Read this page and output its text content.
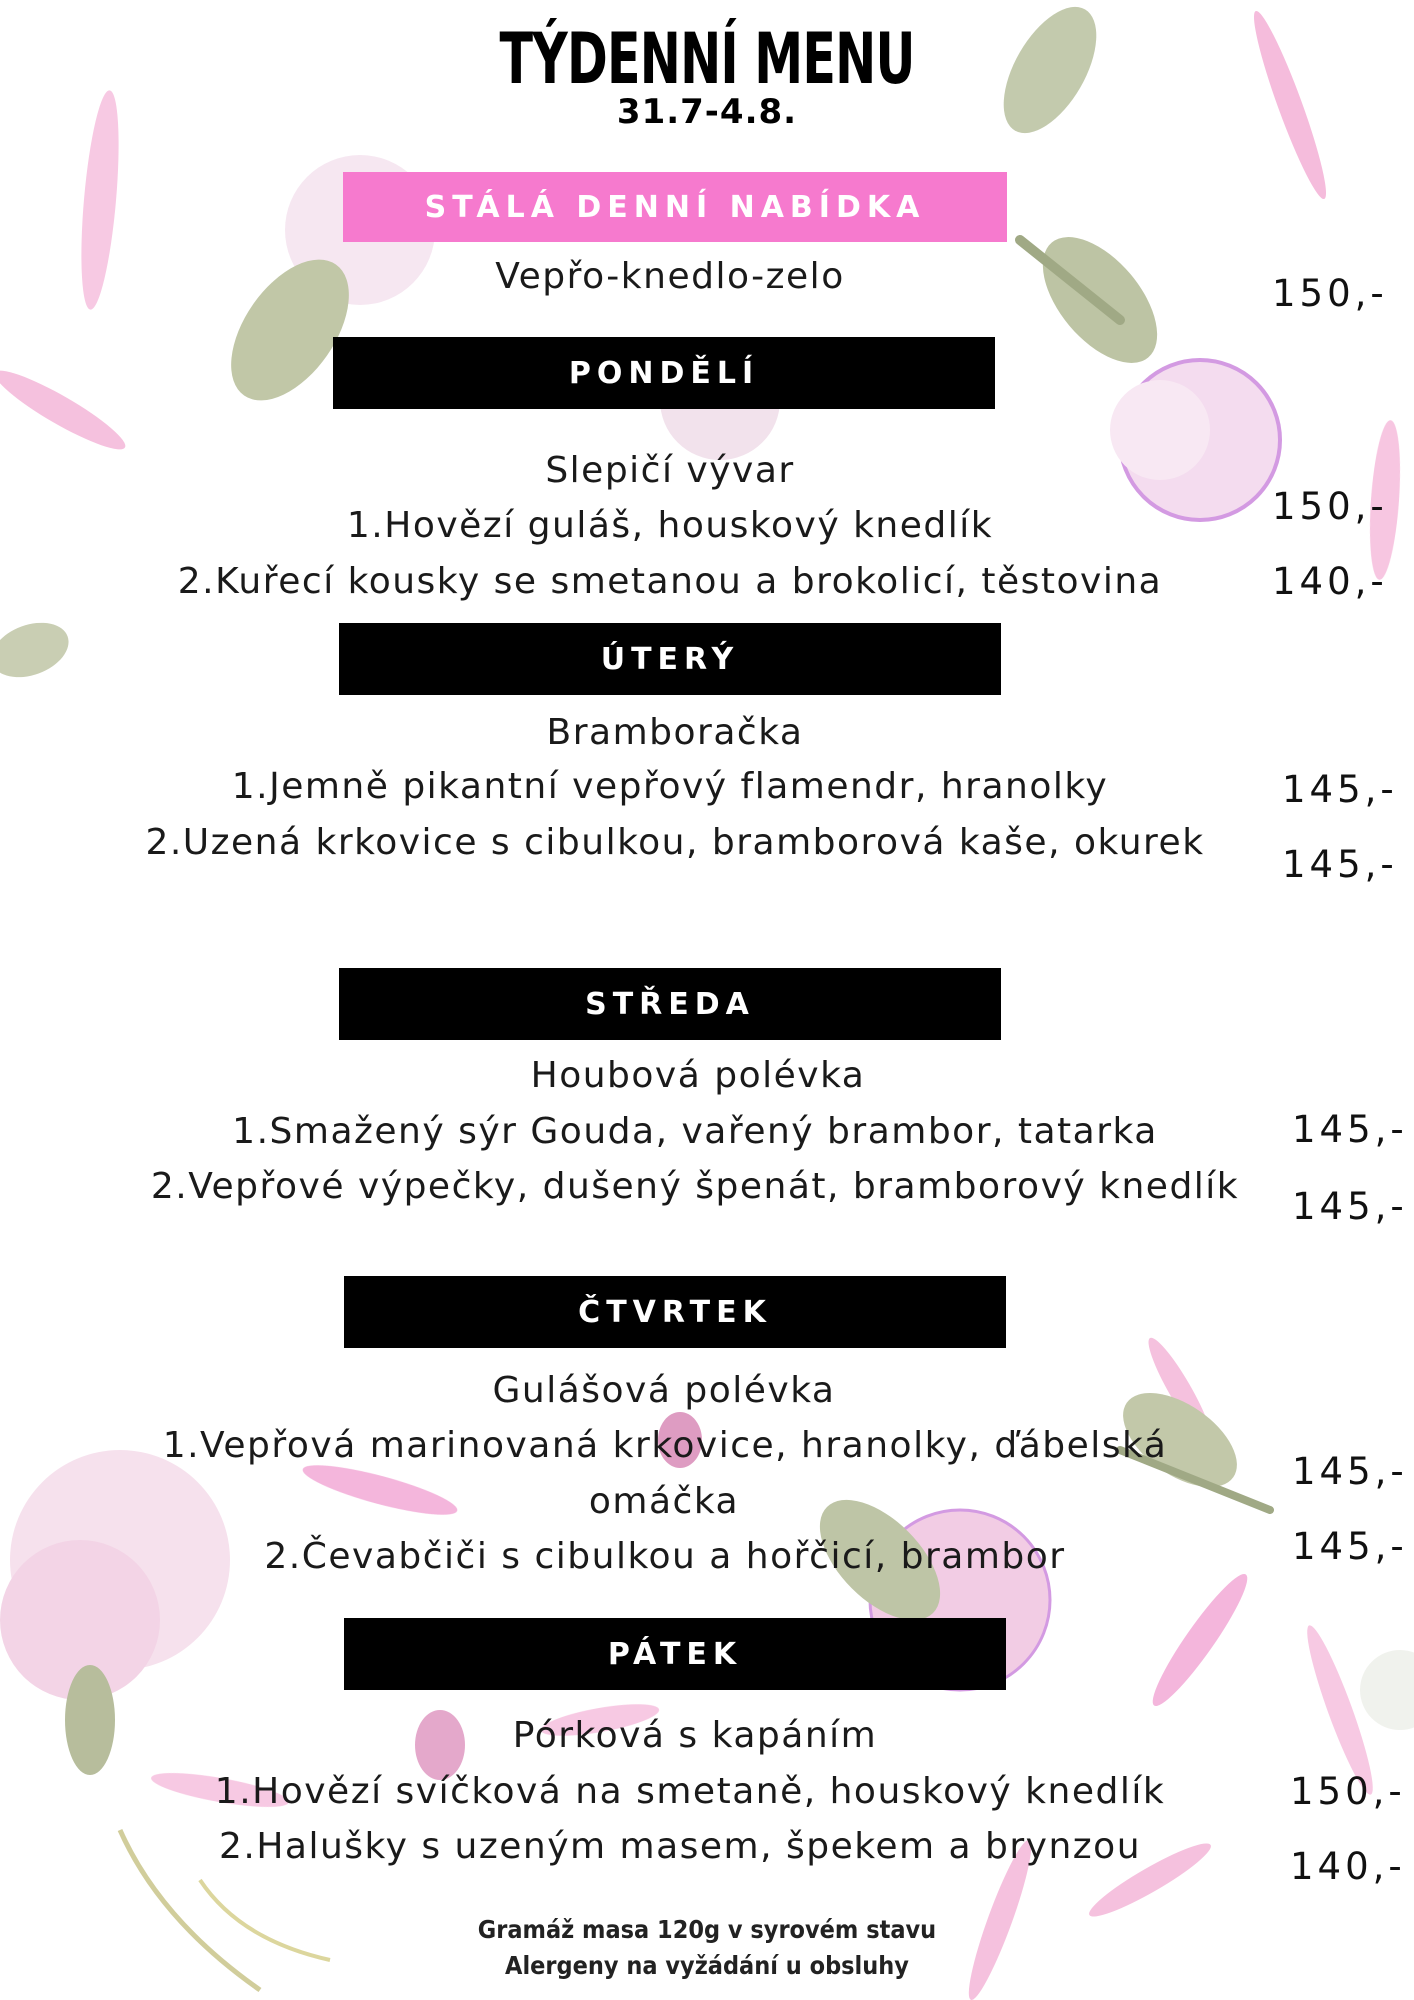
TÝDENNÍ MENU
31.7-4.8.
STÁLÁ DENNÍ NABÍDKA
Vepřo-knedlo-zelo	150,-
PONDĚLÍ
Slepičí vývar
1.Hovězí guláš, houskový knedlík
2.Kuřecí kousky se smetanou a brokolicí, těstovina
150,-
140,-
ÚTERÝ
Bramboračka
1.Jemně pikantní vepřový flamendr, hranolky
2.Uzená krkovice s cibulkou, bramborová kaše, okurek
145,-
145,-
STŘEDA
Houbová polévka
1.Smažený sýr Gouda, vařený brambor, tatarka
2.Vepřové výpečky, dušený špenát, bramborový knedlík
145,-
145,-
ČTVRTEK
Gulášová polévka
1.Vepřová marinovaná krkovice, hranolky, ďábelská
omáčka
2.Čevabčiči s cibulkou a hořčicí, brambor
145,-
145,-
PÁTEK
Pórková s kapáním
1.Hovězí svíčková na smetaně, houskový knedlík
2.Halušky s uzeným masem, špekem a brynzou
150,-
140,-
Gramáž masa 120g v syrovém stavu
Alergeny na vyžádání u obsluhy
